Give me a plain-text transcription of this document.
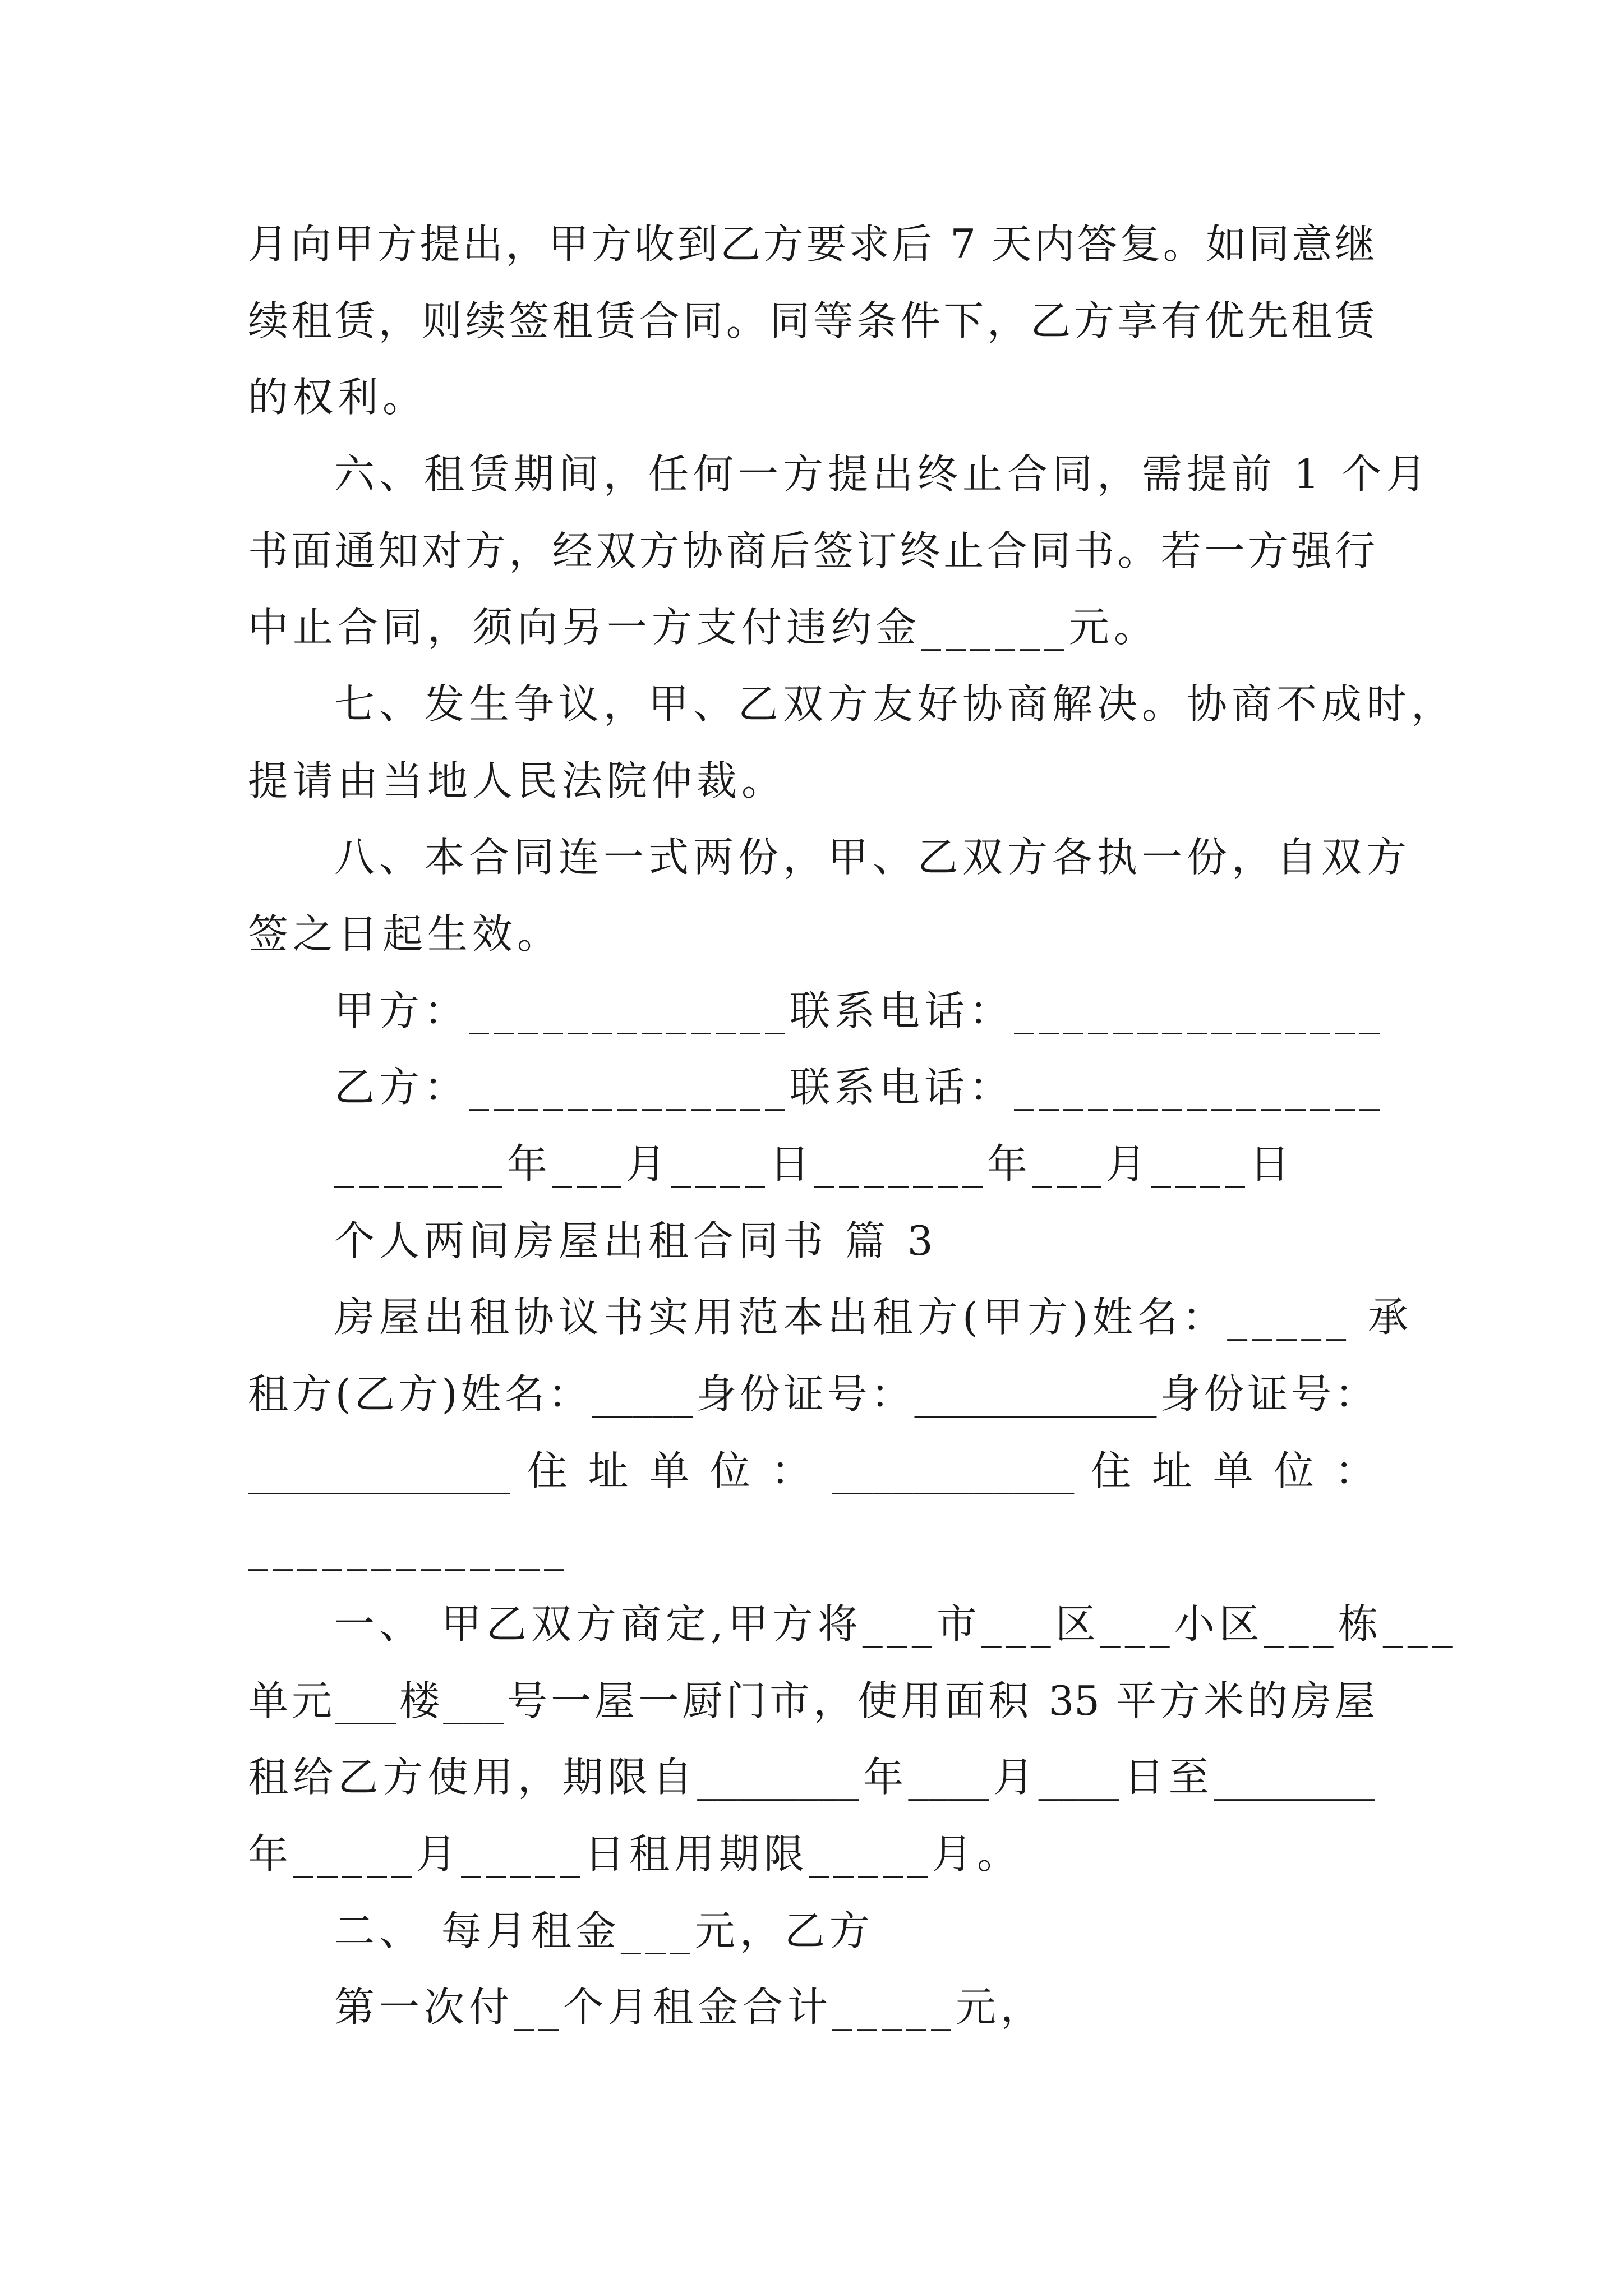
月向甲方提出，甲方收到乙方要求后 7 天内答复。如同意继
续租赁，则续签租赁合同。同等条件下，乙方享有优先租赁
的权利。
六、租赁期间，任何一方提出终止合同，需提前 1 个月
书面通知对方，经双方协商后签订终止合同书。若一方强行
中止合同，须向另一方支付违约金______元。
七、发生争议，甲、乙双方友好协商解决。协商不成时，
提请由当地人民法院仲裁。
八、本合同连一式两份，甲、乙双方各执一份，自双方
签之日起生效。
甲方：_____________联系电话：_______________
乙方：_____________联系电话：_______________
_______年___月____日_______年___月____日
个人两间房屋出租合同书 篇 3
房屋出租协议书实用范本出租方(甲方)姓名：_____ 承
租方(乙方)姓名：_____身份证号：____________身份证号：
_____________ 住 址 单 位 ： ____________ 住 址 单 位 ：
_____________
一、 甲乙双方商定,甲方将___市___区___小区___栋___
单元___楼___号一屋一厨门市，使用面积 35 平方米的房屋
租给乙方使用，期限自________年____月____日至________
年_____月_____日租用期限_____月。
二、 每月租金___元，乙方
第一次付__个月租金合计_____元，
